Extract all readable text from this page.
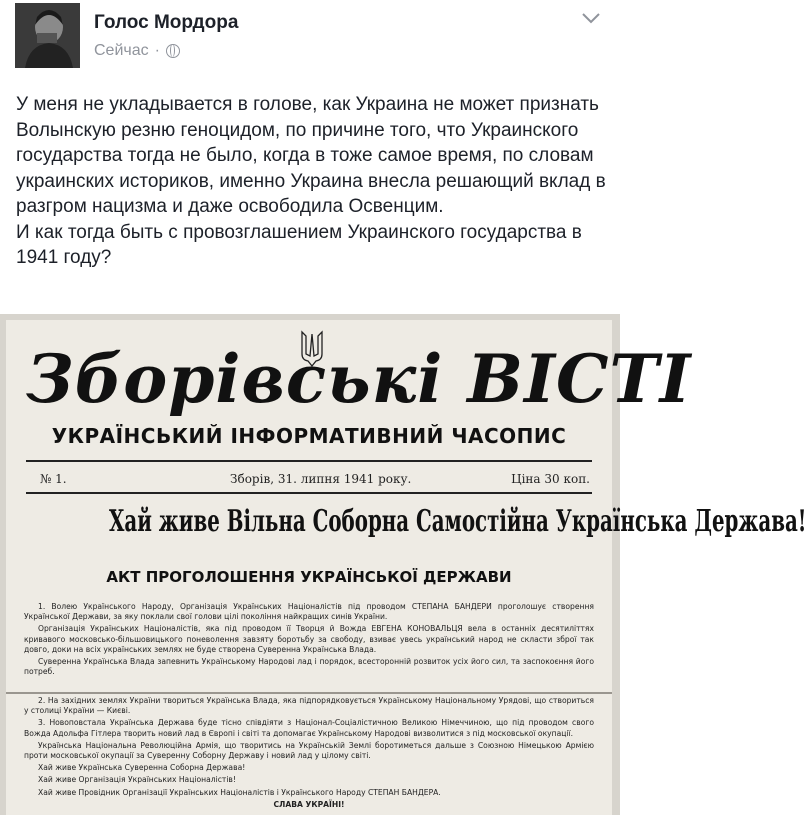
Голос Мордора
Сейчас ·

У меня не укладывается в голове, как Украина не может признать Волынскую резню геноцидом, по причине того, что Украинского государства тогда не было, когда в тоже самое время, по словам украинских историков, именно Украина внесла решающий вклад в разгром нацизма и даже освободила Освенцим.

И как тогда быть с провозглашением Украинского государства в 1941 году?

Зборівські ВІСТІ
УКРАЇНСЬКИЙ ІНФОРМАТИВНИЙ ЧАСОПИС
№ 1.	Зборів, 31. липня 1941 року.	Ціна 30 коп.
Хай живе Вільна Соборна Самостійна Українська Держава!
АКТ ПРОГОЛОШЕННЯ УКРАЇНСЬКОЇ ДЕРЖАВИ

1. Волею Українського Народу, Організація Українських Націоналістів під проводом СТЕПАНА БАНДЕРИ проголошує створення Української Держави, за яку поклали свої голови цілі покоління найкращих синів України.

Організація Українських Націоналістів, яка під проводом її Творця й Вожда ЕВГЕНА КОНОВАЛЬЦЯ вела в останніх десятиліттях кривавого московсько-більшовицького поневолення завзяту боротьбу за свободу, взиває увесь український народ не скласти зброї так довго, доки на всіх українських землях не буде створена Суверенна Українська Влада.

Суверенна Українська Влада запевнить Українському Народові лад і порядок, всесторонній розвиток усіх його сил, та заспокоєння його потреб.

2. На західних землях України твориться Українська Влада, яка підпорядковується Українському Національному Урядові, що створиться у столиці України — Києві.

3. Новоповстала Українська Держава буде тісно співдіяти з Націонал-Соціалістичною Великою Німеччиною, що під проводом свого Вожда Адольфа Гітлера творить новий лад в Європі і світі та допомагає Українському Народові визволитися з під московської окупації.

Українська Національна Революційна Армія, що творитись на Українській Землі боротиметься дальше з Союзною Німецькою Армією проти московської окупації за Суверенну Соборну Державу і новий лад у цілому світі.

Хай живе Українська Суверенна Соборна Держава!

Хай живе Організація Українських Націоналістів!

Хай живе Провідник Організації Українських Націоналістів і Українського Народу СТЕПАН БАНДЕРА.

СЛАВА УКРАЇНІ!
